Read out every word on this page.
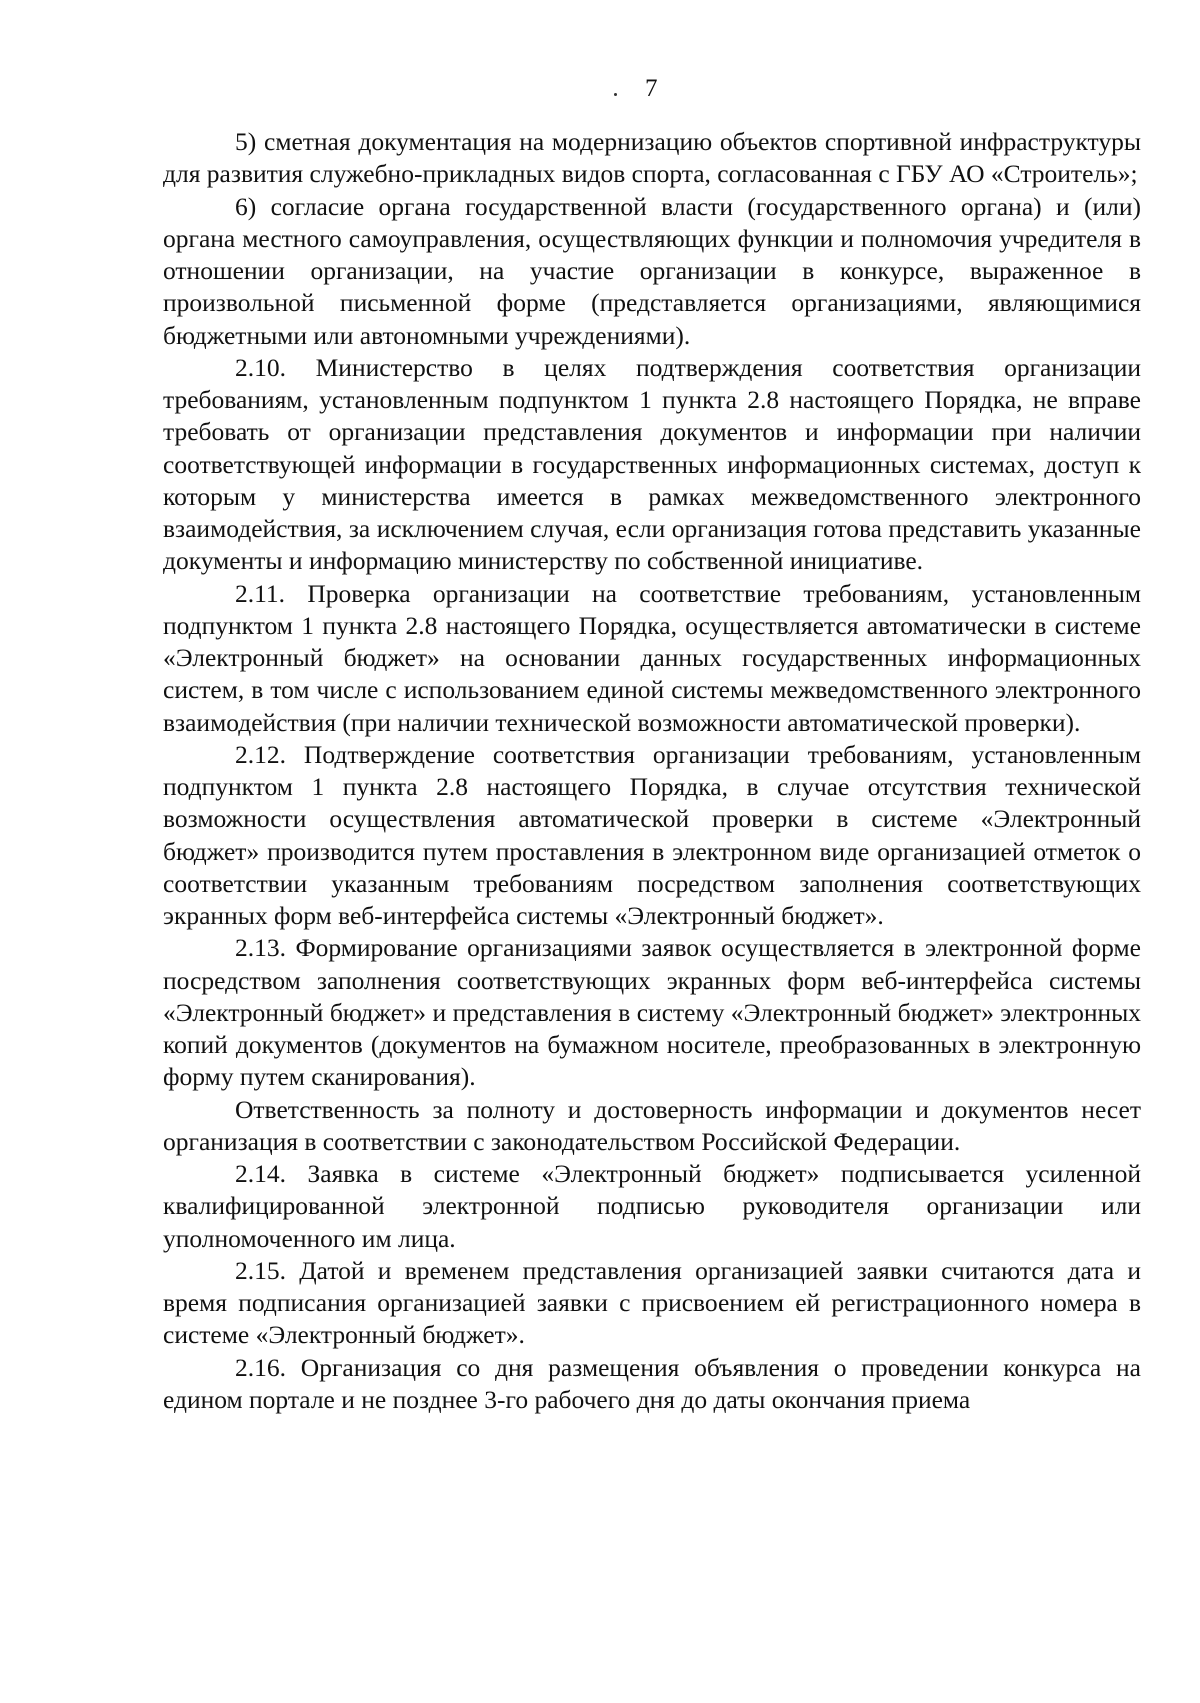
7

5) сметная документация на модернизацию объектов спортивной инфраструктуры для развития служебно-прикладных видов спорта, согласованная с ГБУ АО «Строитель»;

6) согласие органа государственной власти (государственного органа) и (или) органа местного самоуправления, осуществляющих функции и полномочия учредителя в отношении организации, на участие организации в конкурсе, выраженное в произвольной письменной форме (представляется организациями, являющимися бюджетными или автономными учреждениями).

2.10. Министерство в целях подтверждения соответствия организации требованиям, установленным подпунктом 1 пункта 2.8 настоящего Порядка, не вправе требовать от организации представления документов и информации при наличии соответствующей информации в государственных информационных системах, доступ к которым у министерства имеется в рамках межведомственного электронного взаимодействия, за исключением случая, если организация готова представить указанные документы и информацию министерству по собственной инициативе.

2.11. Проверка организации на соответствие требованиям, установленным подпунктом 1 пункта 2.8 настоящего Порядка, осуществляется автоматически в системе «Электронный бюджет» на основании данных государственных информационных систем, в том числе с использованием единой системы межведомственного электронного взаимодействия (при наличии технической возможности автоматической проверки).

2.12. Подтверждение соответствия организации требованиям, установленным подпунктом 1 пункта 2.8 настоящего Порядка, в случае отсутствия технической возможности осуществления автоматической проверки в системе «Электронный бюджет» производится путем проставления в электронном виде организацией отметок о соответствии указанным требованиям посредством заполнения соответствующих экранных форм веб-интерфейса системы «Электронный бюджет».

2.13. Формирование организациями заявок осуществляется в электронной форме посредством заполнения соответствующих экранных форм веб-интерфейса системы «Электронный бюджет» и представления в систему «Электронный бюджет» электронных копий документов (документов на бумажном носителе, преобразованных в электронную форму путем сканирования).

Ответственность за полноту и достоверность информации и документов несет организация в соответствии с законодательством Российской Федерации.

2.14. Заявка в системе «Электронный бюджет» подписывается усиленной квалифицированной электронной подписью руководителя организации или уполномоченного им лица.

2.15. Датой и временем представления организацией заявки считаются дата и время подписания организацией заявки с присвоением ей регистрационного номера в системе «Электронный бюджет».

2.16. Организация со дня размещения объявления о проведении конкурса на едином портале и не позднее 3-го рабочего дня до даты окончания приема
